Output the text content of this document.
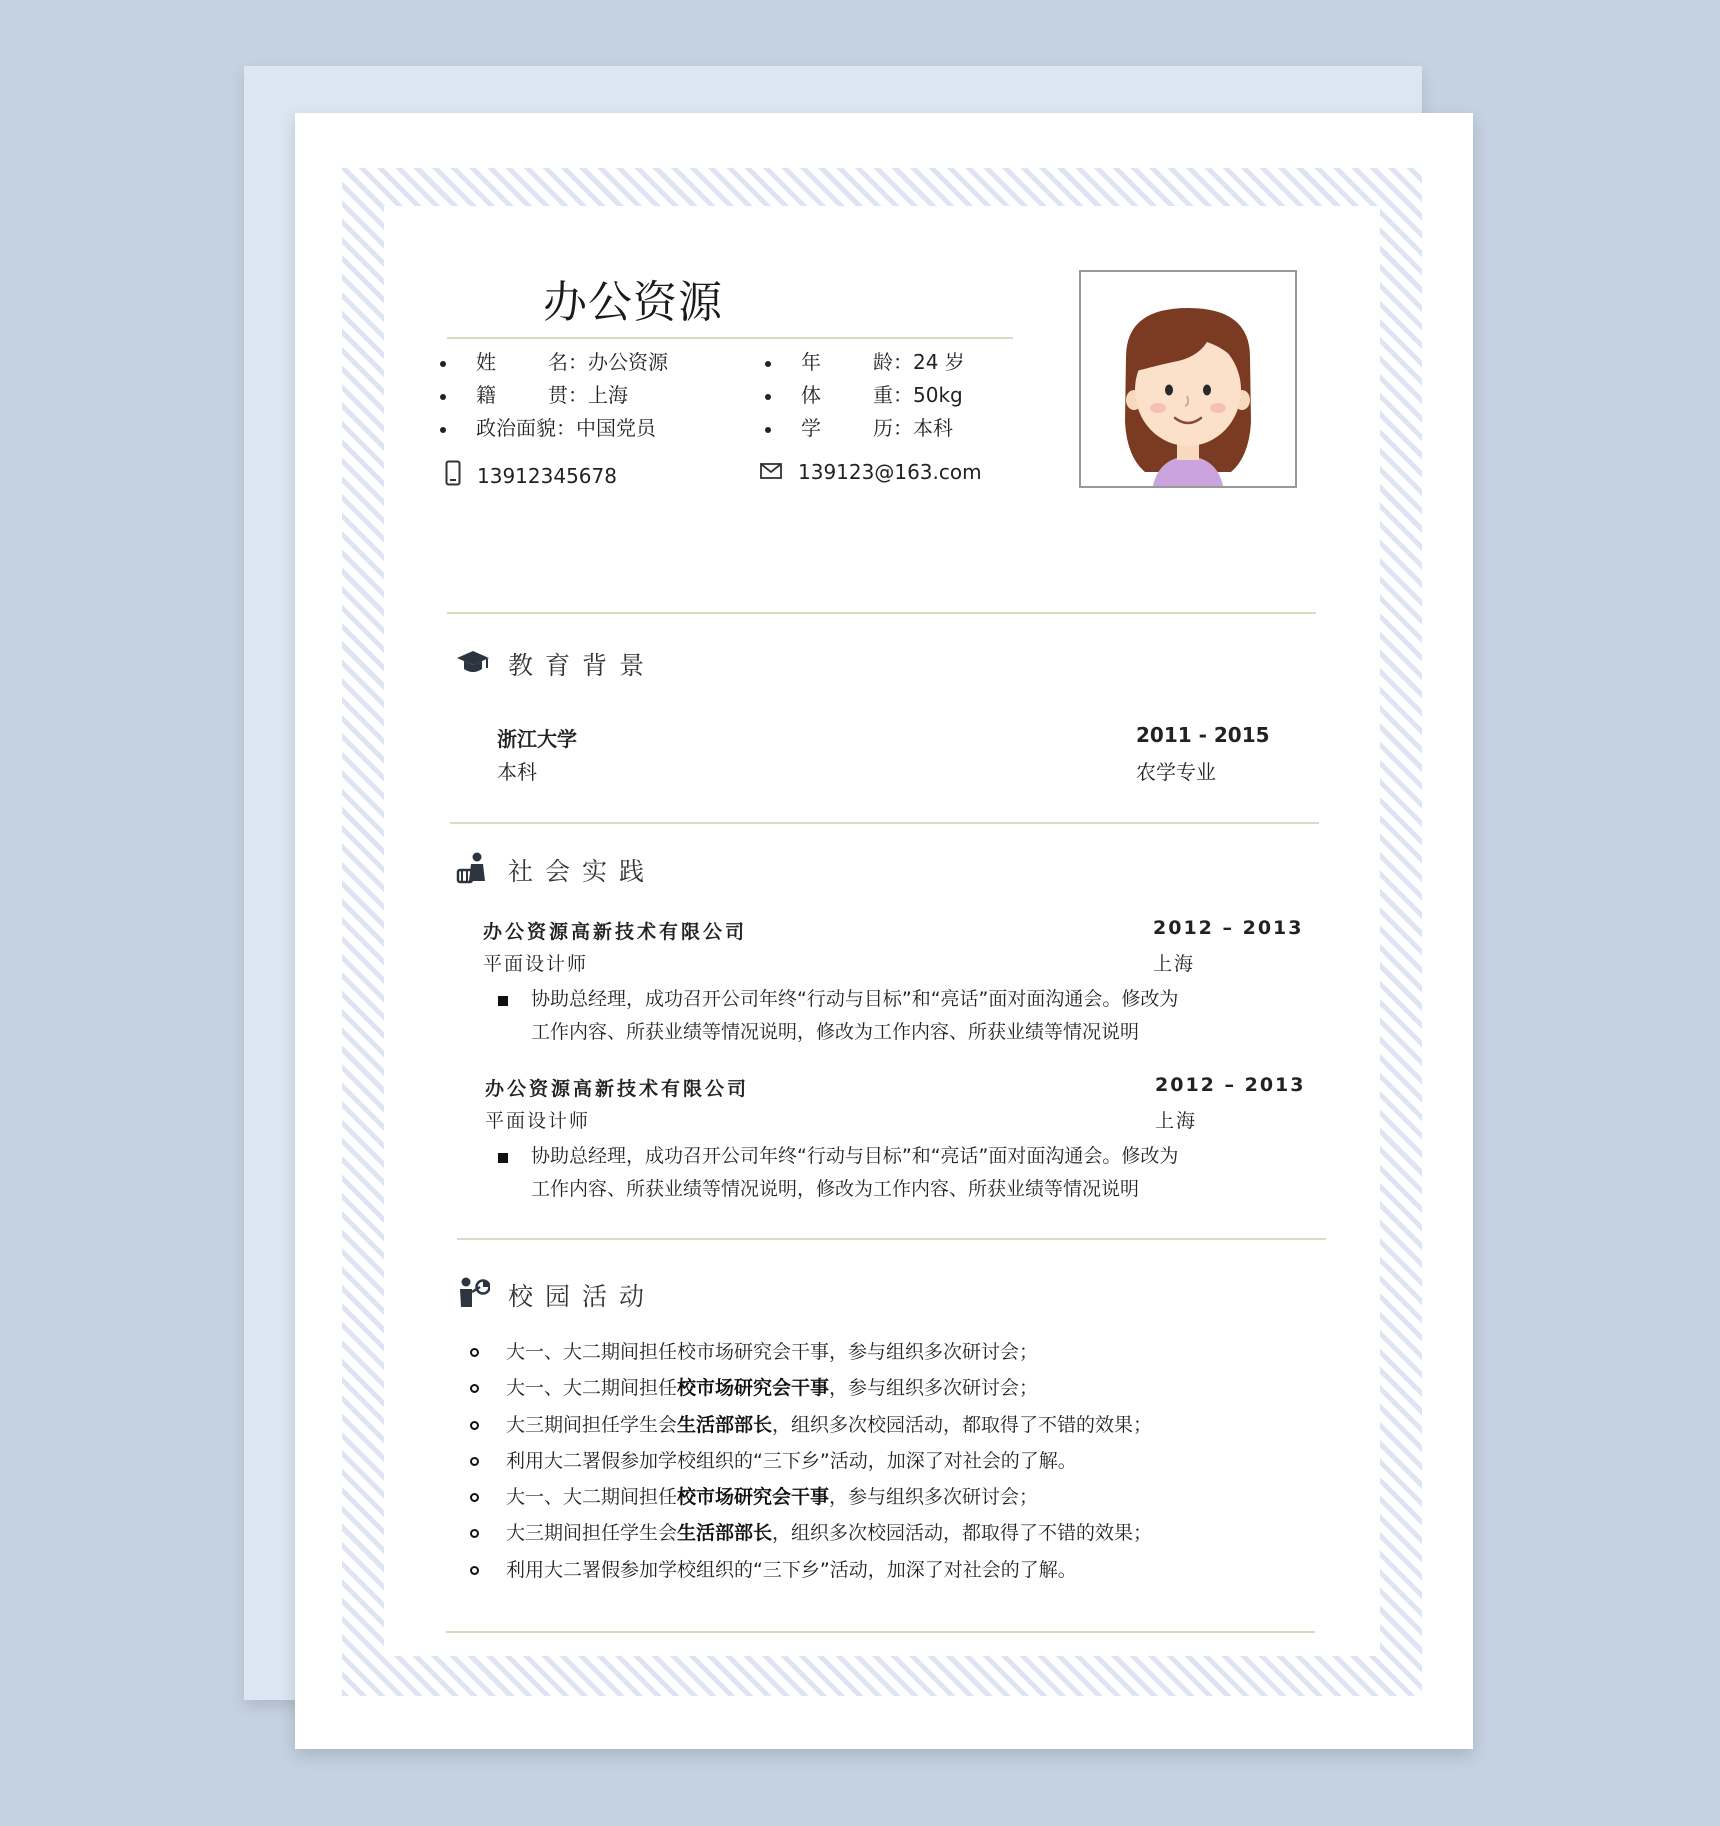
办公资源
姓名：办公资源
籍贯：上海
政治面貌：中国党员
年龄：24 岁
体重：50kg
学历：本科
13912345678	139123@163.com
教育背景
浙江大学
本科
2011 - 2015
农学专业
社会实践
办公资源高新技术有限公司
平面设计师
2012 – 2013
上海
协助总经理，成功召开公司年终“行动与目标”和“亮话”面对面沟通会。修改为
工作内容、所获业绩等情况说明，修改为工作内容、所获业绩等情况说明
办公资源高新技术有限公司
平面设计师
2012 – 2013
上海
协助总经理，成功召开公司年终“行动与目标”和“亮话”面对面沟通会。修改为
工作内容、所获业绩等情况说明，修改为工作内容、所获业绩等情况说明
校园活动
大一、大二期间担任校市场研究会干事，参与组织多次研讨会；
大一、大二期间担任校市场研究会干事，参与组织多次研讨会；
大三期间担任学生会生活部部长，组织多次校园活动，都取得了不错的效果；
利用大二署假参加学校组织的“三下乡”活动，加深了对社会的了解。
大一、大二期间担任校市场研究会干事，参与组织多次研讨会；
大三期间担任学生会生活部部长，组织多次校园活动，都取得了不错的效果；
利用大二署假参加学校组织的“三下乡”活动，加深了对社会的了解。
